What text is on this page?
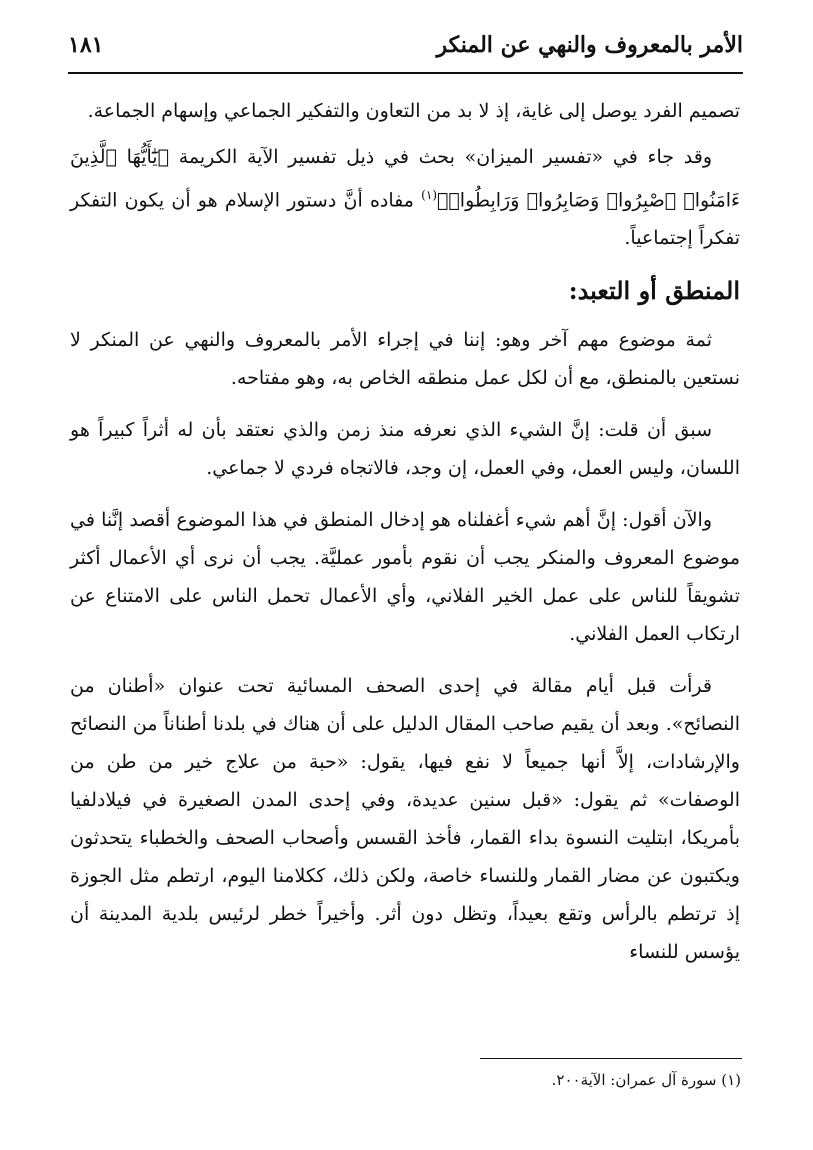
الأمر بالمعروف والنهي عن المنكر
١٨١

تصميم الفرد يوصل إلى غاية، إذ لا بد من التعاون والتفكير الجماعي وإسهام الجماعة.

وقد جاء في «تفسير الميزان» بحث في ذيل تفسير الآية الكريمة ﴿يَٰٓأَيُّهَا ٱلَّذِينَ ءَامَنُوا۟ ٱصْبِرُوا۟ وَصَابِرُوا۟ وَرَابِطُوا۟﴾$^{(١)}$ مفاده أنَّ دستور الإسلام هو أن يكون التفكر تفكراً إجتماعياً.

المنطق أو التعبد:

ثمة موضوع مهم آخر وهو: إننا في إجراء الأمر بالمعروف والنهي عن المنكر لا نستعين بالمنطق، مع أن لكل عمل منطقه الخاص به، وهو مفتاحه.

سبق أن قلت: إنَّ الشيء الذي نعرفه منذ زمن والذي نعتقد بأن له أثراً كبيراً هو اللسان، وليس العمل، وفي العمل، إن وجد، فالاتجاه فردي لا جماعي.

والآن أقول: إنَّ أهم شيء أغفلناه هو إدخال المنطق في هذا الموضوع أقصد إنَّنا في موضوع المعروف والمنكر يجب أن نقوم بأمور عمليَّة. يجب أن نرى أي الأعمال أكثر تشويقاً للناس على عمل الخير الفلاني، وأي الأعمال تحمل الناس على الامتناع عن ارتكاب العمل الفلاني.

قرأت قبل أيام مقالة في إحدى الصحف المسائية تحت عنوان «أطنان من النصائح». وبعد أن يقيم صاحب المقال الدليل على أن هناك في بلدنا أطناناً من النصائح والإرشادات، إلاَّ أنها جميعاً لا نفع فيها، يقول: «حبة من علاج خير من طن من الوصفات» ثم يقول: «قبل سنين عديدة، وفي إحدى المدن الصغيرة في فيلادلفيا بأمريكا، ابتليت النسوة بداء القمار، فأخذ القسس وأصحاب الصحف والخطباء يتحدثون ويكتبون عن مضار القمار وللنساء خاصة، ولكن ذلك، ككلامنا اليوم، ارتطم مثل الجوزة إذ ترتطم بالرأس وتقع بعيداً، وتظل دون أثر. وأخيراً خطر لرئيس بلدية المدينة أن يؤسس للنساء

(١) سورة آل عمران: الآية٢٠٠.
